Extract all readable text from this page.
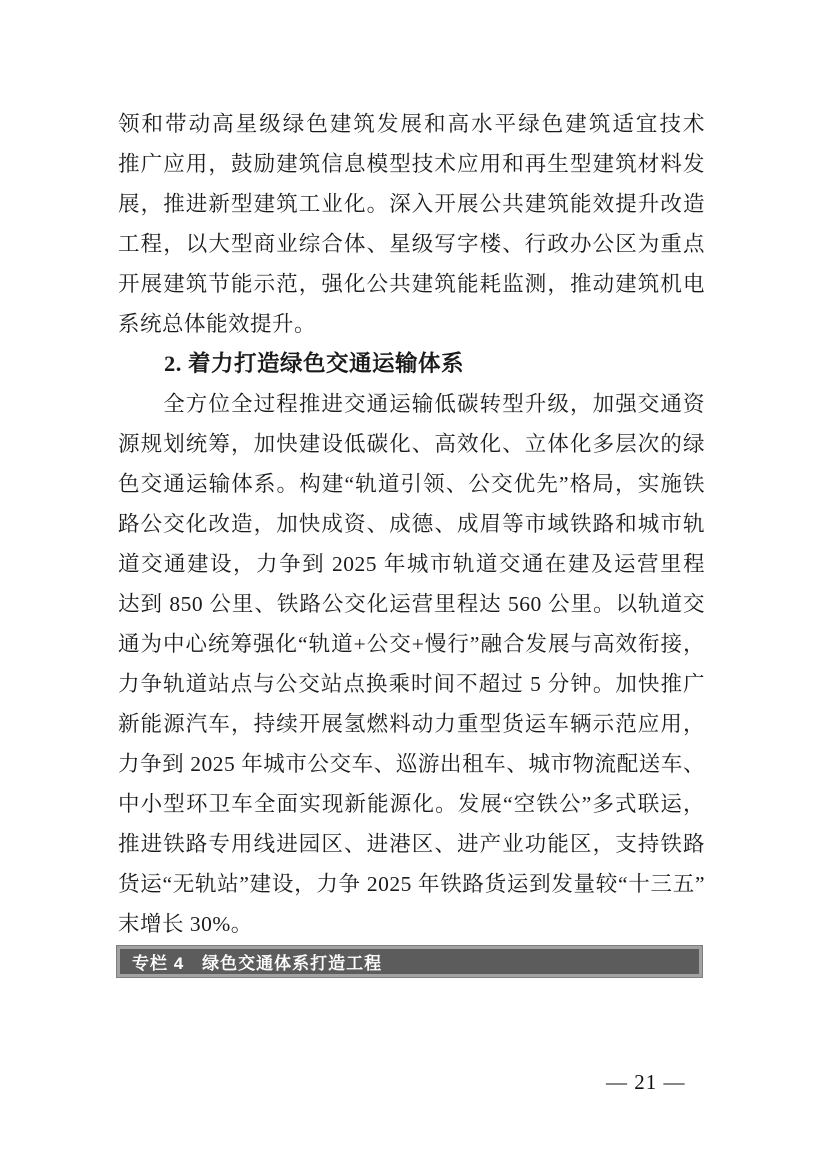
领和带动高星级绿色建筑发展和高水平绿色建筑适宜技术
推广应用，鼓励建筑信息模型技术应用和再生型建筑材料发
展，推进新型建筑工业化。深入开展公共建筑能效提升改造
工程，以大型商业综合体、星级写字楼、行政办公区为重点
开展建筑节能示范，强化公共建筑能耗监测，推动建筑机电
系统总体能效提升。
　　2. 着力打造绿色交通运输体系
　　全方位全过程推进交通运输低碳转型升级，加强交通资
源规划统筹，加快建设低碳化、高效化、立体化多层次的绿
色交通运输体系。构建“轨道引领、公交优先”格局，实施铁
路公交化改造，加快成资、成德、成眉等市域铁路和城市轨
道交通建设，力争到 2025 年城市轨道交通在建及运营里程
达到 850 公里、铁路公交化运营里程达 560 公里。以轨道交
通为中心统筹强化“轨道+公交+慢行”融合发展与高效衔接，
力争轨道站点与公交站点换乘时间不超过 5 分钟。加快推广
新能源汽车，持续开展氢燃料动力重型货运车辆示范应用，
力争到 2025 年城市公交车、巡游出租车、城市物流配送车、
中小型环卫车全面实现新能源化。发展“空铁公”多式联运，
推进铁路专用线进园区、进港区、进产业功能区，支持铁路
货运“无轨站”建设，力争 2025 年铁路货运到发量较“十三五”
末增长 30%。
专栏 4　绿色交通体系打造工程
— 21 —
